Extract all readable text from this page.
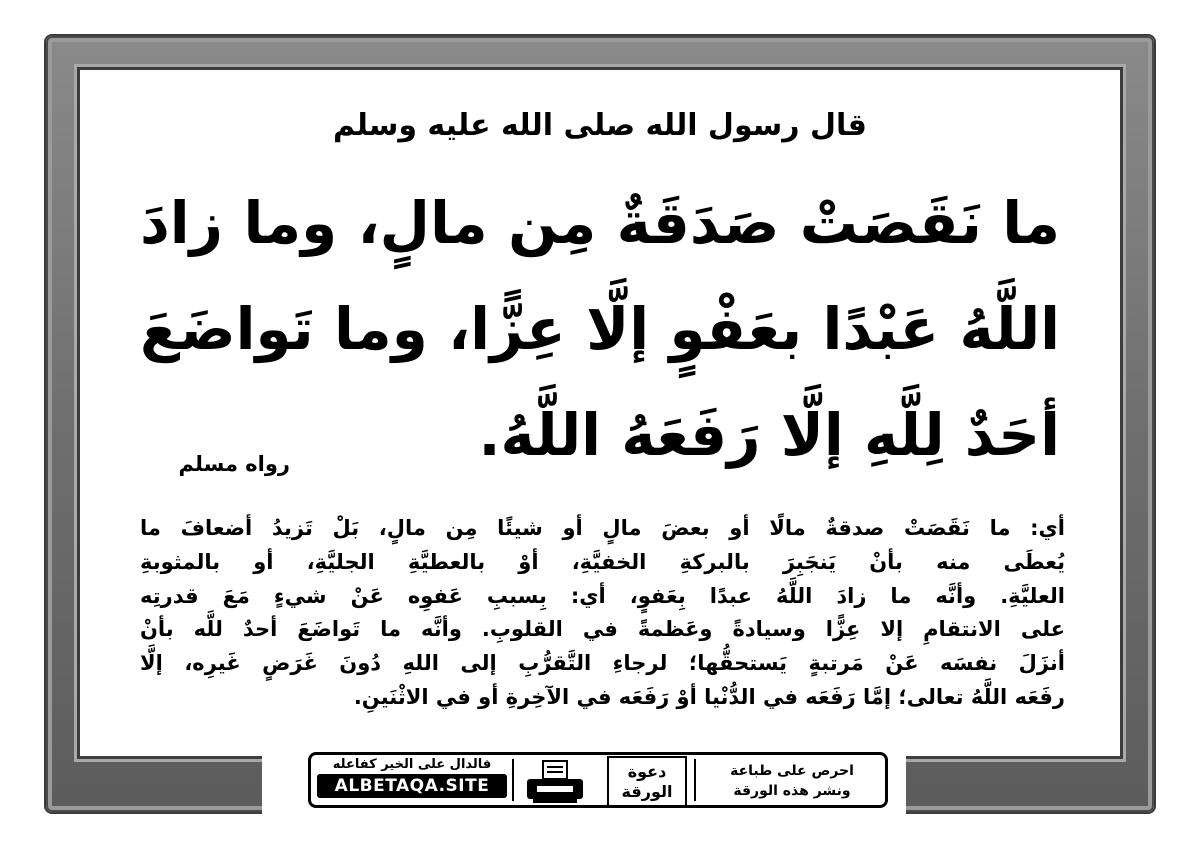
قال رسول الله صلى الله عليه وسلم
ما نَقَصَتْ صَدَقَةٌ مِن مالٍ، وما زادَ
اللَّهُ عَبْدًا بعَفْوٍ إلَّا عِزًّا، وما تَواضَعَ
أحَدٌ لِلَّهِ إلَّا رَفَعَهُ اللَّهُ.
رواه مسلم
أي: ما نَقَصَتْ صدقةٌ مالًا أو بعضَ مالٍ أو شيئًا مِن مالٍ، بَلْ تَزيدُ أضعافَ ما
يُعطَى منه بأنْ يَنجَبِرَ بالبركةِ الخفيَّةِ، أوْ بالعطيَّةِ الجليَّةِ، أو بالمثوبةِ
العليَّةِ. وأنَّه ما زادَ اللَّهُ عبدًا بِعَفوٍ، أي: بِسببِ عَفوِه عَنْ شيءٍ مَعَ قدرتِه
على الانتقامِ إلا عِزًّا وسيادةً وعَظمةً في القلوبِ. وأنَّه ما تَواضَعَ أحدٌ للَّه بأنْ
أنزَلَ نفسَه عَنْ مَرتبةٍ يَستحقُّها؛ لرجاءِ التَّقرُّبِ إلى اللهِ دُونَ غَرَضٍ غَيرِه، إلَّا
رفَعَه اللَّهُ تعالى؛ إمَّا رَفَعَه في الدُّنْيا أوْ رَفَعَه في الآخِرةِ أو في الاثْنَينِ.
فالدال على الخير كفاعله
ALBETAQA.SITE
دعوة
الورقة
احرص على طباعة
ونشر هذه الورقة
